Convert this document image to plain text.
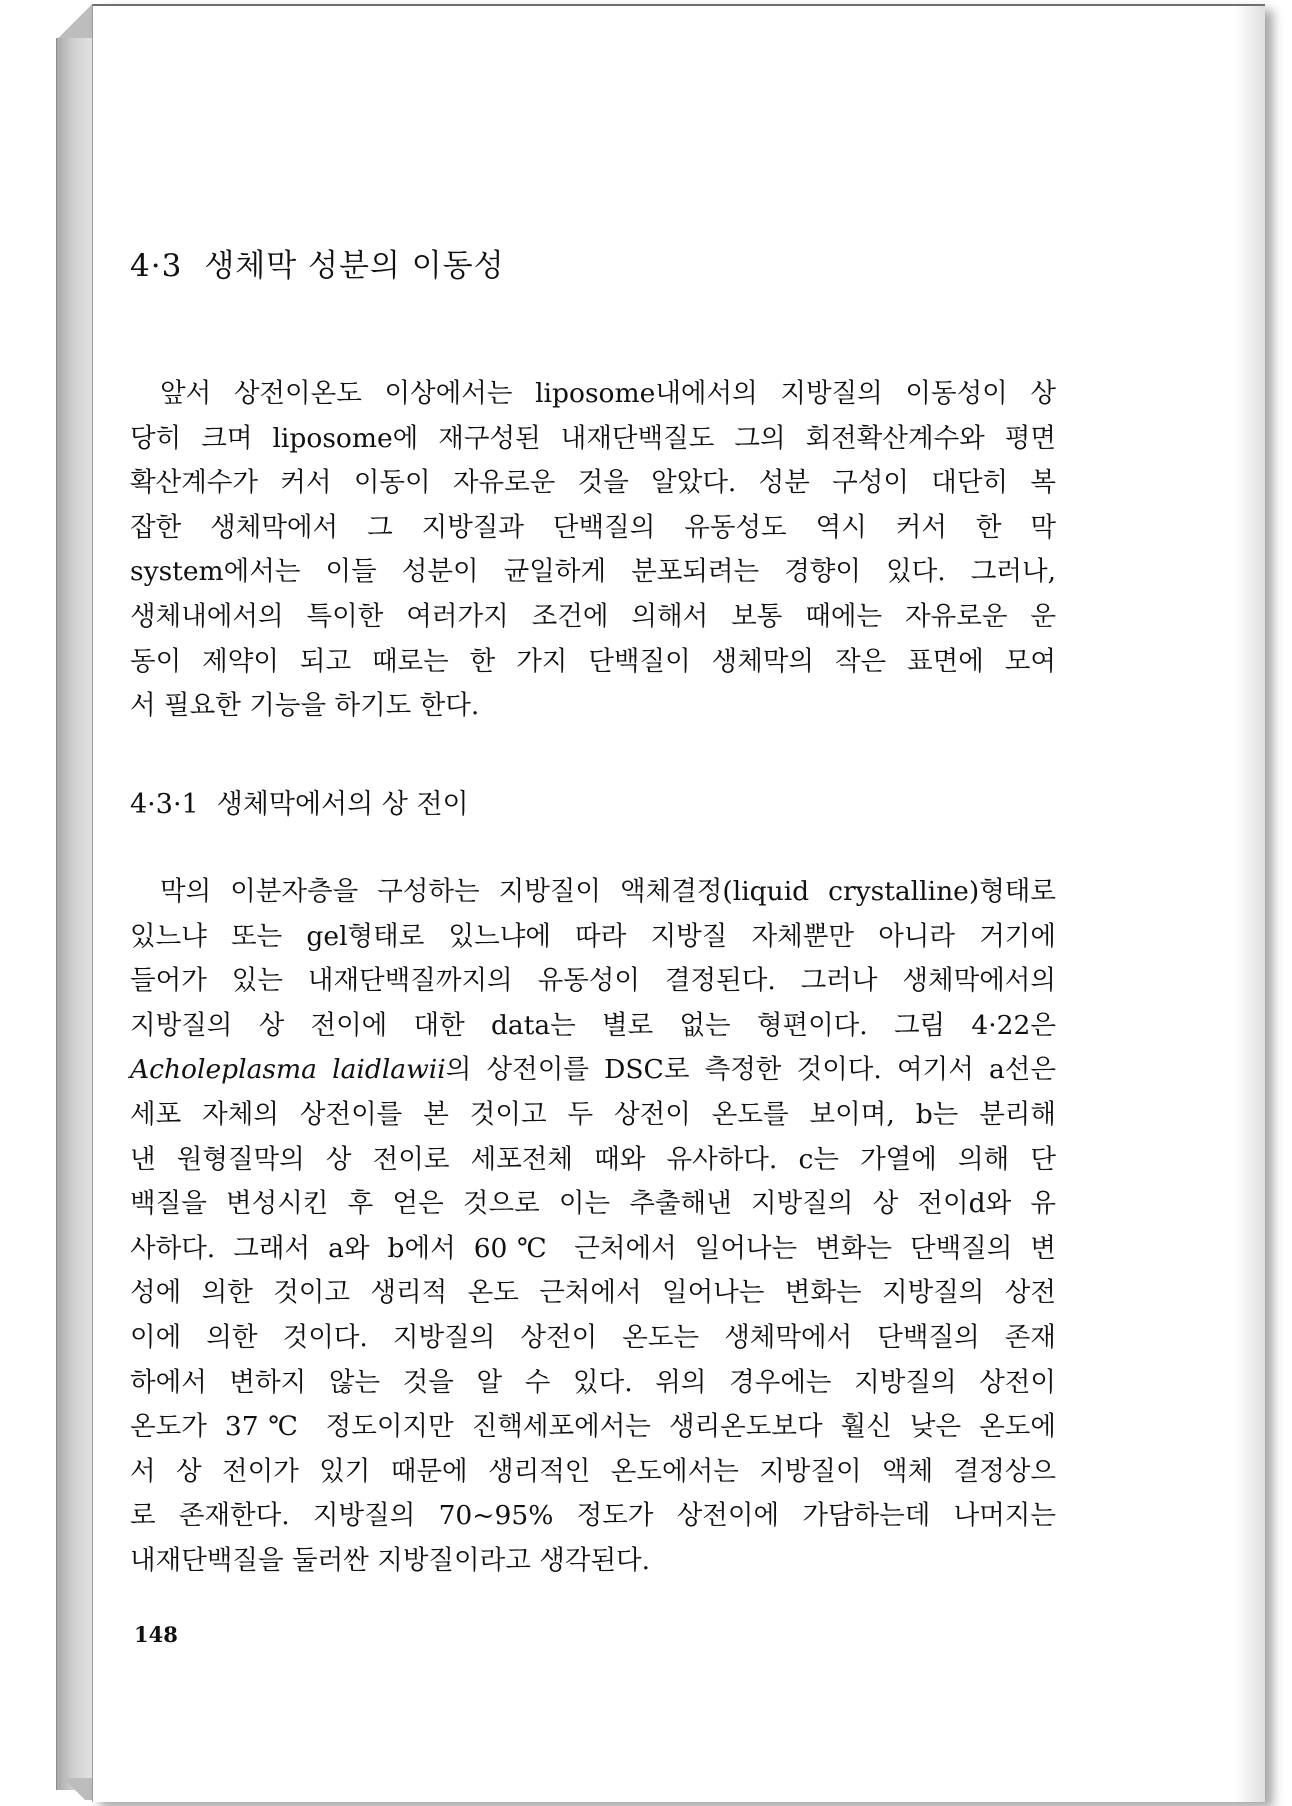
4·3 생체막 성분의 이동성
앞서 상전이온도 이상에서는 liposome내에서의 지방질의 이동성이 상
당히 크며 liposome에 재구성된 내재단백질도 그의 회전확산계수와 평면
확산계수가 커서 이동이 자유로운 것을 알았다. 성분 구성이 대단히 복
잡한 생체막에서 그 지방질과 단백질의 유동성도 역시 커서 한 막
system에서는 이들 성분이 균일하게 분포되려는 경향이 있다. 그러나,
생체내에서의 특이한 여러가지 조건에 의해서 보통 때에는 자유로운 운
동이 제약이 되고 때로는 한 가지 단백질이 생체막의 작은 표면에 모여
서 필요한 기능을 하기도 한다.
4·3·1 생체막에서의 상 전이
막의 이분자층을 구성하는 지방질이 액체결정(liquid crystalline)형태로
있느냐 또는 gel형태로 있느냐에 따라 지방질 자체뿐만 아니라 거기에
들어가 있는 내재단백질까지의 유동성이 결정된다. 그러나 생체막에서의
지방질의 상 전이에 대한 data는 별로 없는 형편이다. 그림 4·22은
Acholeplasma laidlawii의 상전이를 DSC로 측정한 것이다. 여기서 a선은
세포 자체의 상전이를 본 것이고 두 상전이 온도를 보이며, b는 분리해
낸 원형질막의 상 전이로 세포전체 때와 유사하다. c는 가열에 의해 단
백질을 변성시킨 후 얻은 것으로 이는 추출해낸 지방질의 상 전이d와 유
사하다. 그래서 a와 b에서 60℃ 근처에서 일어나는 변화는 단백질의 변
성에 의한 것이고 생리적 온도 근처에서 일어나는 변화는 지방질의 상전
이에 의한 것이다. 지방질의 상전이 온도는 생체막에서 단백질의 존재
하에서 변하지 않는 것을 알 수 있다. 위의 경우에는 지방질의 상전이
온도가 37℃ 정도이지만 진핵세포에서는 생리온도보다 훨신 낮은 온도에
서 상 전이가 있기 때문에 생리적인 온도에서는 지방질이 액체 결정상으
로 존재한다. 지방질의 70~95% 정도가 상전이에 가담하는데 나머지는
내재단백질을 둘러싼 지방질이라고 생각된다.
148
